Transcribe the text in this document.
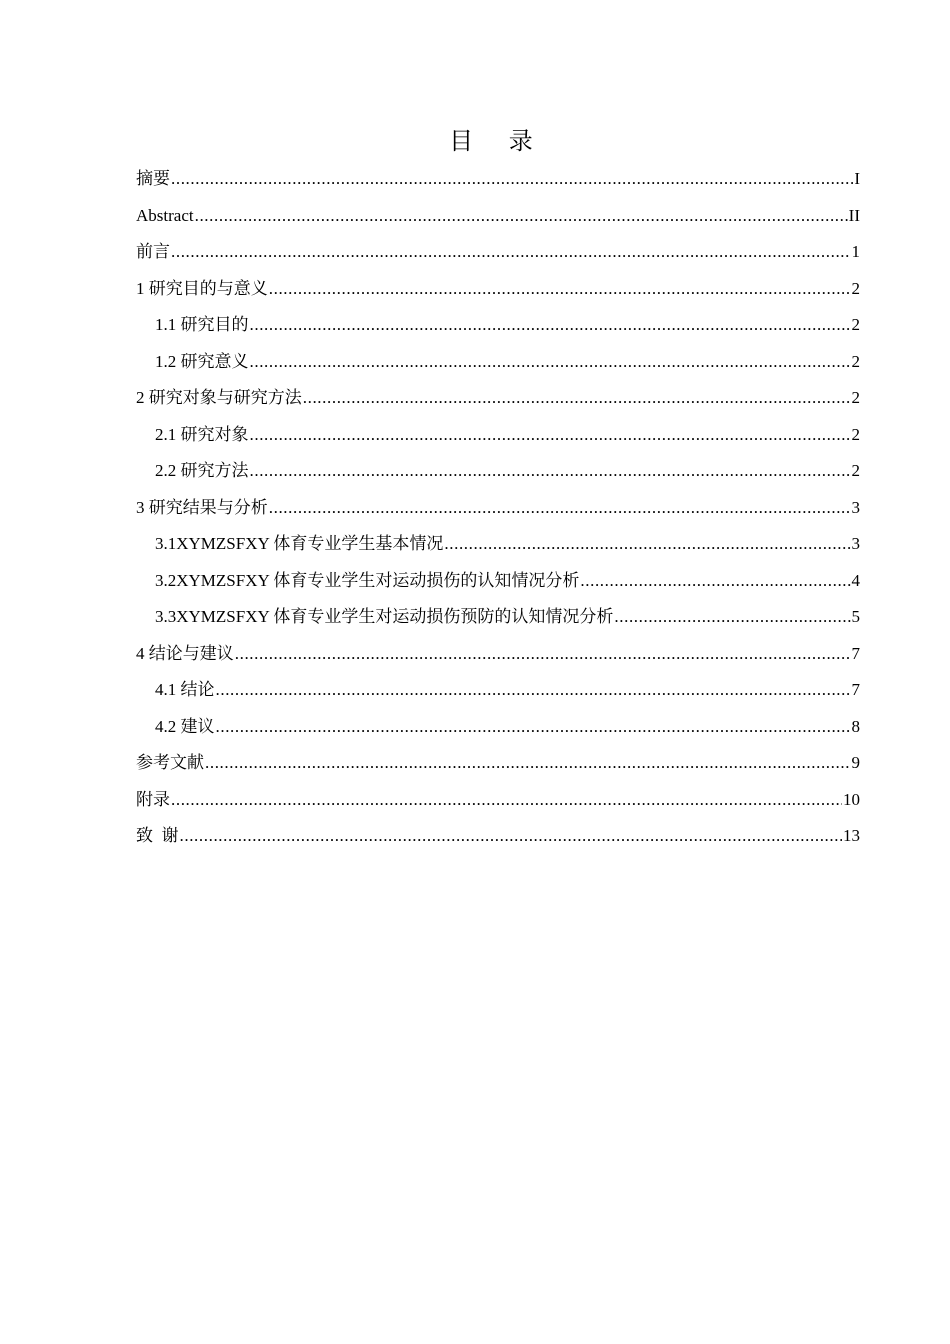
目 录
摘要 .....	I
Abstract .....	II
前言 .....	1
1 研究目的与意义 .....	2
1.1 研究目的 .....	2
1.2 研究意义 .....	2
2 研究对象与研究方法 .....	2
2.1 研究对象 .....	2
2.2 研究方法 .....	2
3 研究结果与分析 .....	3
3.1XYMZSFXY 体育专业学生基本情况 .....	3
3.2XYMZSFXY 体育专业学生对运动损伤的认知情况分析 .....	4
3.3XYMZSFXY 体育专业学生对运动损伤预防的认知情况分析 .....	5
4 结论与建议 .....	7
4.1 结论 .....	7
4.2 建议 .....	8
参考文献 .....	9
附录 .....	10
致  谢 .....	13
